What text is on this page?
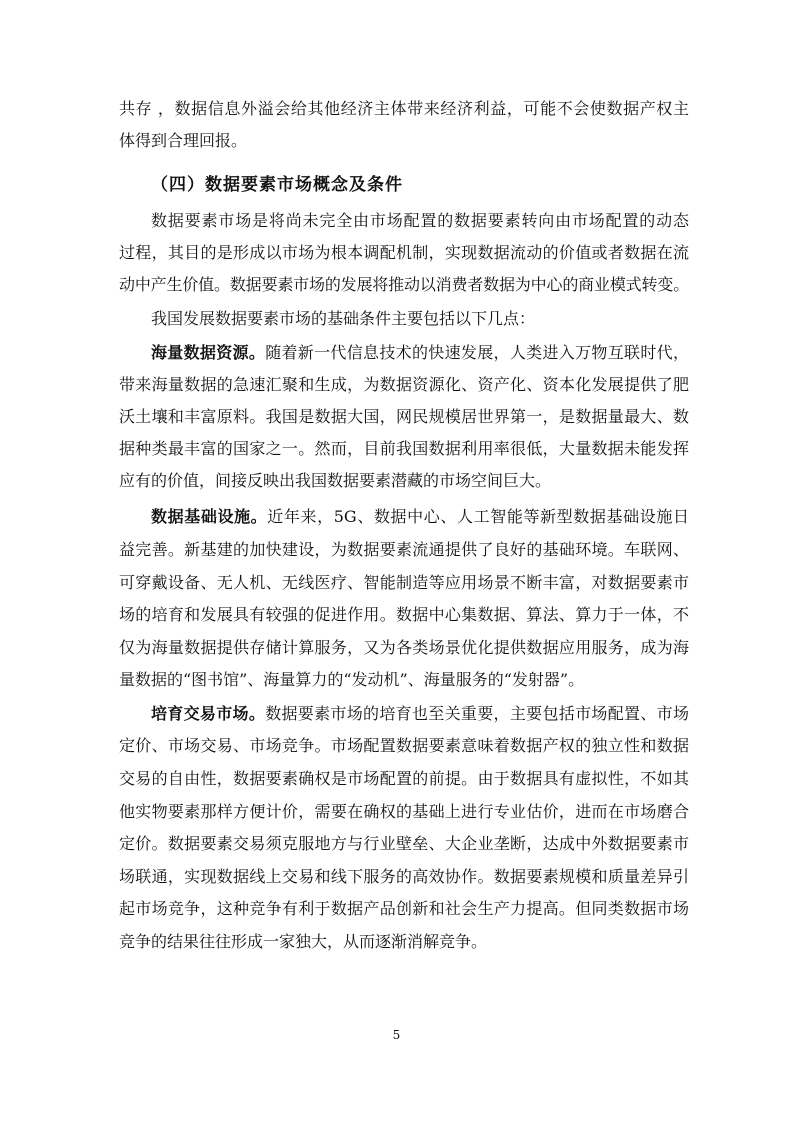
共存 ，数据信息外溢会给其他经济主体带来经济利益，可能不会使数据产权主
体得到合理回报。
（四）数据要素市场概念及条件
数据要素市场是将尚未完全由市场配置的数据要素转向由市场配置的动态
过程，其目的是形成以市场为根本调配机制，实现数据流动的价值或者数据在流
动中产生价值。数据要素市场的发展将推动以消费者数据为中心的商业模式转变。
我国发展数据要素市场的基础条件主要包括以下几点：
海量数据资源。随着新一代信息技术的快速发展，人类进入万物互联时代，
带来海量数据的急速汇聚和生成，为数据资源化、资产化、资本化发展提供了肥
沃土壤和丰富原料。我国是数据大国，网民规模居世界第一，是数据量最大、数
据种类最丰富的国家之一。然而，目前我国数据利用率很低，大量数据未能发挥
应有的价值，间接反映出我国数据要素潜藏的市场空间巨大。
数据基础设施。近年来，5G、数据中心、人工智能等新型数据基础设施日
益完善。新基建的加快建设，为数据要素流通提供了良好的基础环境。车联网、
可穿戴设备、无人机、无线医疗、智能制造等应用场景不断丰富，对数据要素市
场的培育和发展具有较强的促进作用。数据中心集数据、算法、算力于一体，不
仅为海量数据提供存储计算服务，又为各类场景优化提供数据应用服务，成为海
量数据的“图书馆”、海量算力的“发动机”、海量服务的“发射器”。
培育交易市场。数据要素市场的培育也至关重要，主要包括市场配置、市场
定价、市场交易、市场竞争。市场配置数据要素意味着数据产权的独立性和数据
交易的自由性，数据要素确权是市场配置的前提。由于数据具有虚拟性，不如其
他实物要素那样方便计价，需要在确权的基础上进行专业估价，进而在市场磨合
定价。数据要素交易须克服地方与行业壁垒、大企业垄断，达成中外数据要素市
场联通，实现数据线上交易和线下服务的高效协作。数据要素规模和质量差异引
起市场竞争，这种竞争有利于数据产品创新和社会生产力提高。但同类数据市场
竞争的结果往往形成一家独大，从而逐渐消解竞争。
5
